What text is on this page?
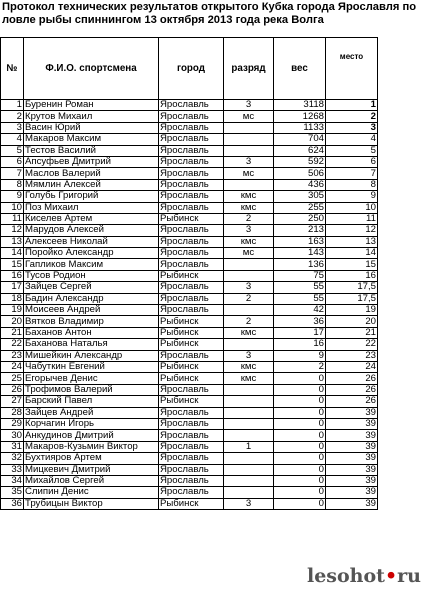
Протокол технических результатов открытого Кубка города Ярославля по ловле рыбы спиннингом 13 октября 2013 года река Волга
№	Ф.И.О. спортсмена	город	разряд	вес	место
1	Буренин Роман	Ярославль	3	3118	1
2	Крутов Михаил	Ярославль	мс	1268	2
3	Васин Юрий	Ярославль		1133	3
4	Макаров Максим	Ярославль		704	4
5	Тестов Василий	Ярославль		624	5
6	Апсуфьев Дмитрий	Ярославль	3	592	6
7	Маслов Валерий	Ярославль	мс	506	7
8	Мямлин Алексей	Ярославль		436	8
9	Голубь Григорий	Ярославль	кмс	305	9
10	Поз Михаил	Ярославль	кмс	255	10
11	Киселев Артем	Рыбинск	2	250	11
12	Марудов Алексей	Ярославль	3	213	12
13	Алексеев Николай	Ярославль	кмс	163	13
14	Поройко Александр	Ярославль	мс	143	14
15	Гапликов Максим	Ярославль		136	15
16	Тусов Родион	Рыбинск		75	16
17	Зайцев Сергей	Ярославль	3	55	17,5
18	Бадин Александр	Ярославль	2	55	17,5
19	Моисеев Андрей	Ярославль		42	19
20	Вятков Владимир	Рыбинск	2	36	20
21	Баханов Антон	Рыбинск	кмс	17	21
22	Баханова Наталья	Рыбинск		16	22
23	Мишейкин Александр	Ярославль	3	9	23
24	Чабуткин Евгений	Рыбинск	кмс	2	24
25	Егорычев Денис	Рыбинск	кмс	0	26
26	Трофимов Валерий	Ярославль		0	26
27	Барский Павел	Рыбинск		0	26
28	Зайцев Андрей	Ярославль		0	39
29	Корчагин Игорь	Ярославль		0	39
30	Анкудинов Дмитрий	Ярославль		0	39
31	Макаров-Кузьмин Виктор	Ярославль	1	0	39
32	Бухтияров Артем	Ярославль		0	39
33	Мицкевич Дмитрий	Ярославль		0	39
34	Михайлов Сергей	Ярославль		0	39
35	Слипин Денис	Ярославль		0	39
36	Трубицын Виктор	Рыбинск	3	0	39
lesohot•ru
